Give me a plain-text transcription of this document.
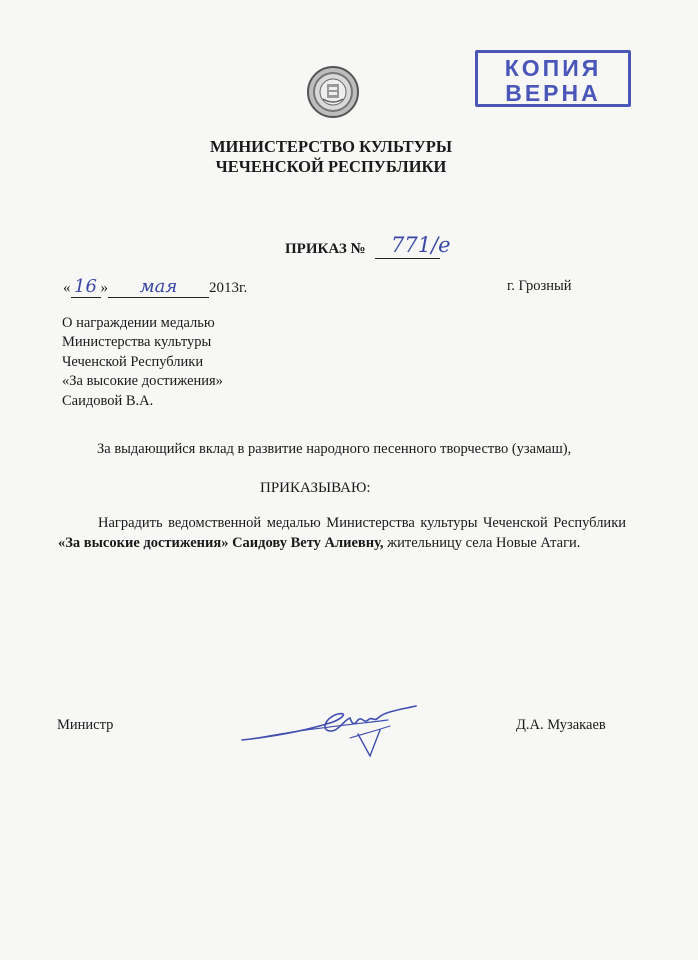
КОПИЯ
ВЕРНА
МИНИСТЕРСТВО КУЛЬТУРЫ
ЧЕЧЕНСКОЙ РЕСПУБЛИКИ
ПРИКАЗ №	771/e
« 16 » мая 2013г.	г. Грозный
О награждении медалью
Министерства культуры
Чеченской Республики
«За высокие достижения»
Саидовой В.А.
За выдающийся вклад в развитие народного песенного творчество (узамаш),
ПРИКАЗЫВАЮ:
Наградить ведомственной медалью Министерства культуры Чеченской Республики «За высокие достижения» Саидову Вету Алиевну, жительницу села Новые Атаги.
Министр	Д.А. Музакаев
